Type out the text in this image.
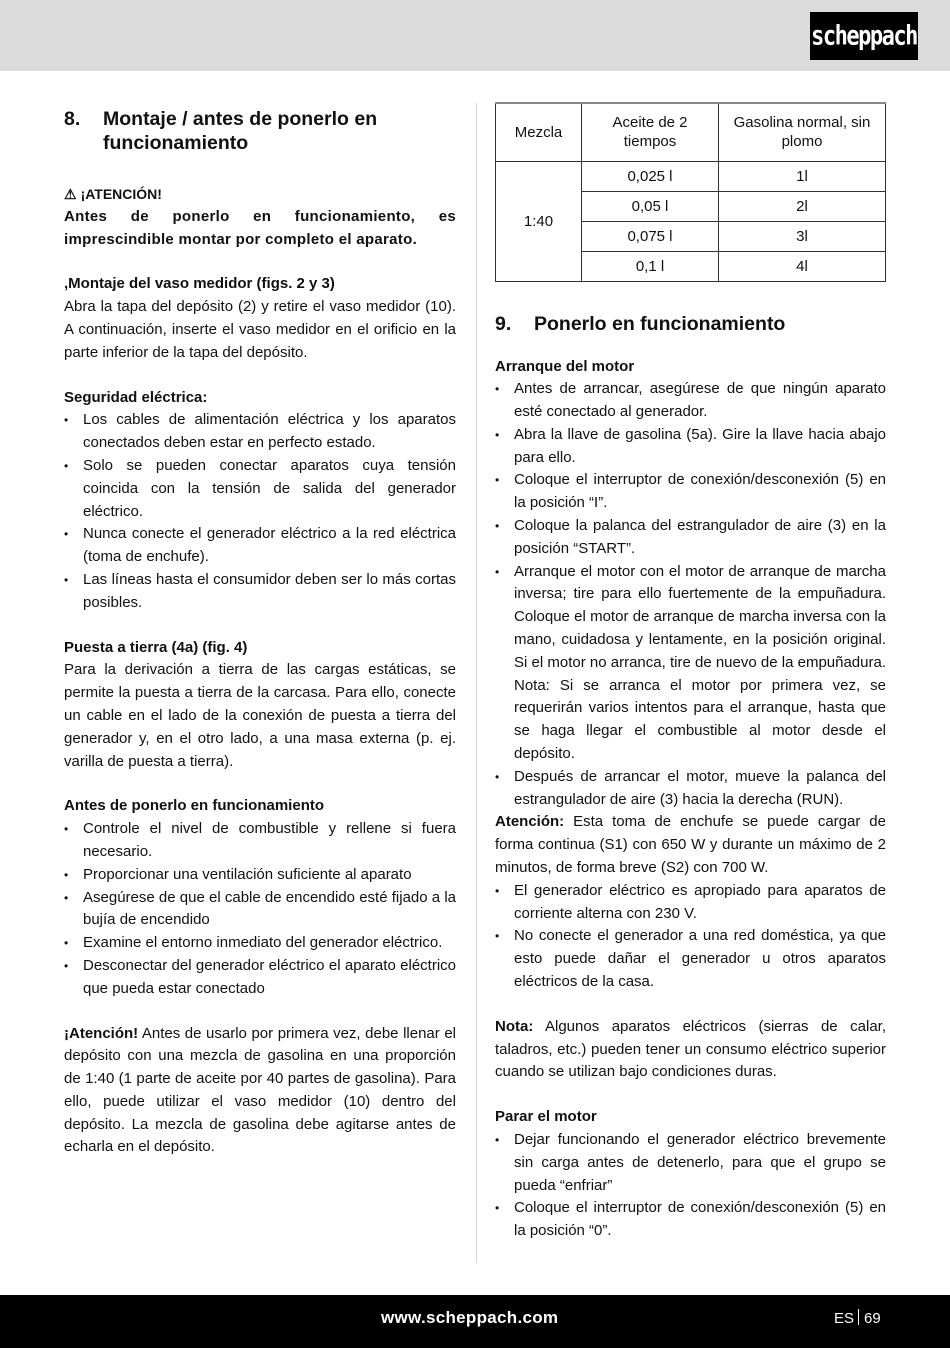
scheppach
8.	Montaje / antes de ponerlo en funcionamiento
⚠ ¡ATENCIÓN!

Antes de ponerlo en funcionamiento, es imprescindible montar por completo el aparato.

,Montaje del vaso medidor (figs. 2 y 3)

Abra la tapa del depósito (2) y retire el vaso medidor (10). A continuación, inserte el vaso medidor en el orificio en la parte inferior de la tapa del depósito.

Seguridad eléctrica:
• Los cables de alimentación eléctrica y los aparatos conectados deben estar en perfecto estado.
• Solo se pueden conectar aparatos cuya tensión coincida con la tensión de salida del generador eléctrico.
• Nunca conecte el generador eléctrico a la red eléctrica (toma de enchufe).
• Las líneas hasta el consumidor deben ser lo más cortas posibles.
Puesta a tierra (4a) (fig. 4)

Para la derivación a tierra de las cargas estáticas, se permite la puesta a tierra de la carcasa. Para ello, conecte un cable en el lado de la conexión de puesta a tierra del generador y, en el otro lado, a una masa externa (p. ej. varilla de puesta a tierra).

Antes de ponerlo en funcionamiento
• Controle el nivel de combustible y rellene si fuera necesario.
• Proporcionar una ventilación suficiente al aparato
• Asegúrese de que el cable de encendido esté fijado a la bujía de encendido
• Examine el entorno inmediato del generador eléctrico.
• Desconectar del generador eléctrico el aparato eléctrico que pueda estar conectado

¡Atención! Antes de usarlo por primera vez, debe llenar el depósito con una mezcla de gasolina en una proporción de 1:40 (1 parte de aceite por 40 partes de gasolina). Para ello, puede utilizar el vaso medidor (10) dentro del depósito. La mezcla de gasolina debe agitarse antes de echarla en el depósito.

Mezcla	Aceite de 2 tiempos	Gasolina normal, sin plomo
1:40	0,025 l	1l
	0,05 l	2l
	0,075 l	3l
	0,1 l	4l
9.	Ponerlo en funcionamiento
Arranque del motor
• Antes de arrancar, asegúrese de que ningún aparato esté conectado al generador.
• Abra la llave de gasolina (5a). Gire la llave hacia abajo para ello.
• Coloque el interruptor de conexión/desconexión (5) en la posición “I”.
• Coloque la palanca del estrangulador de aire (3) en la posición “START”.
• Arranque el motor con el motor de arranque de marcha inversa; tire para ello fuertemente de la empuñadura. Coloque el motor de arranque de marcha inversa con la mano, cuidadosa y lentamente, en la posición original. Si el motor no arranca, tire de nuevo de la empuñadura. Nota: Si se arranca el motor por primera vez, se requerirán varios intentos para el arranque, hasta que se haga llegar el combustible al motor desde el depósito.
• Después de arrancar el motor, mueve la palanca del estrangulador de aire (3) hacia la derecha (RUN).

Atención: Esta toma de enchufe se puede cargar de forma continua (S1) con 650 W y durante un máximo de 2 minutos, de forma breve (S2) con 700 W.

• El generador eléctrico es apropiado para aparatos de corriente alterna con 230 V.
• No conecte el generador a una red doméstica, ya que esto puede dañar el generador u otros aparatos eléctricos de la casa.

Nota: Algunos aparatos eléctricos (sierras de calar, taladros, etc.) pueden tener un consumo eléctrico superior cuando se utilizan bajo condiciones duras.

Parar el motor
• Dejar funcionando el generador eléctrico brevemente sin carga antes de detenerlo, para que el grupo se pueda “enfriar”
• Coloque el interruptor de conexión/desconexión (5) en la posición “0”.
www.scheppach.com	ES 69
